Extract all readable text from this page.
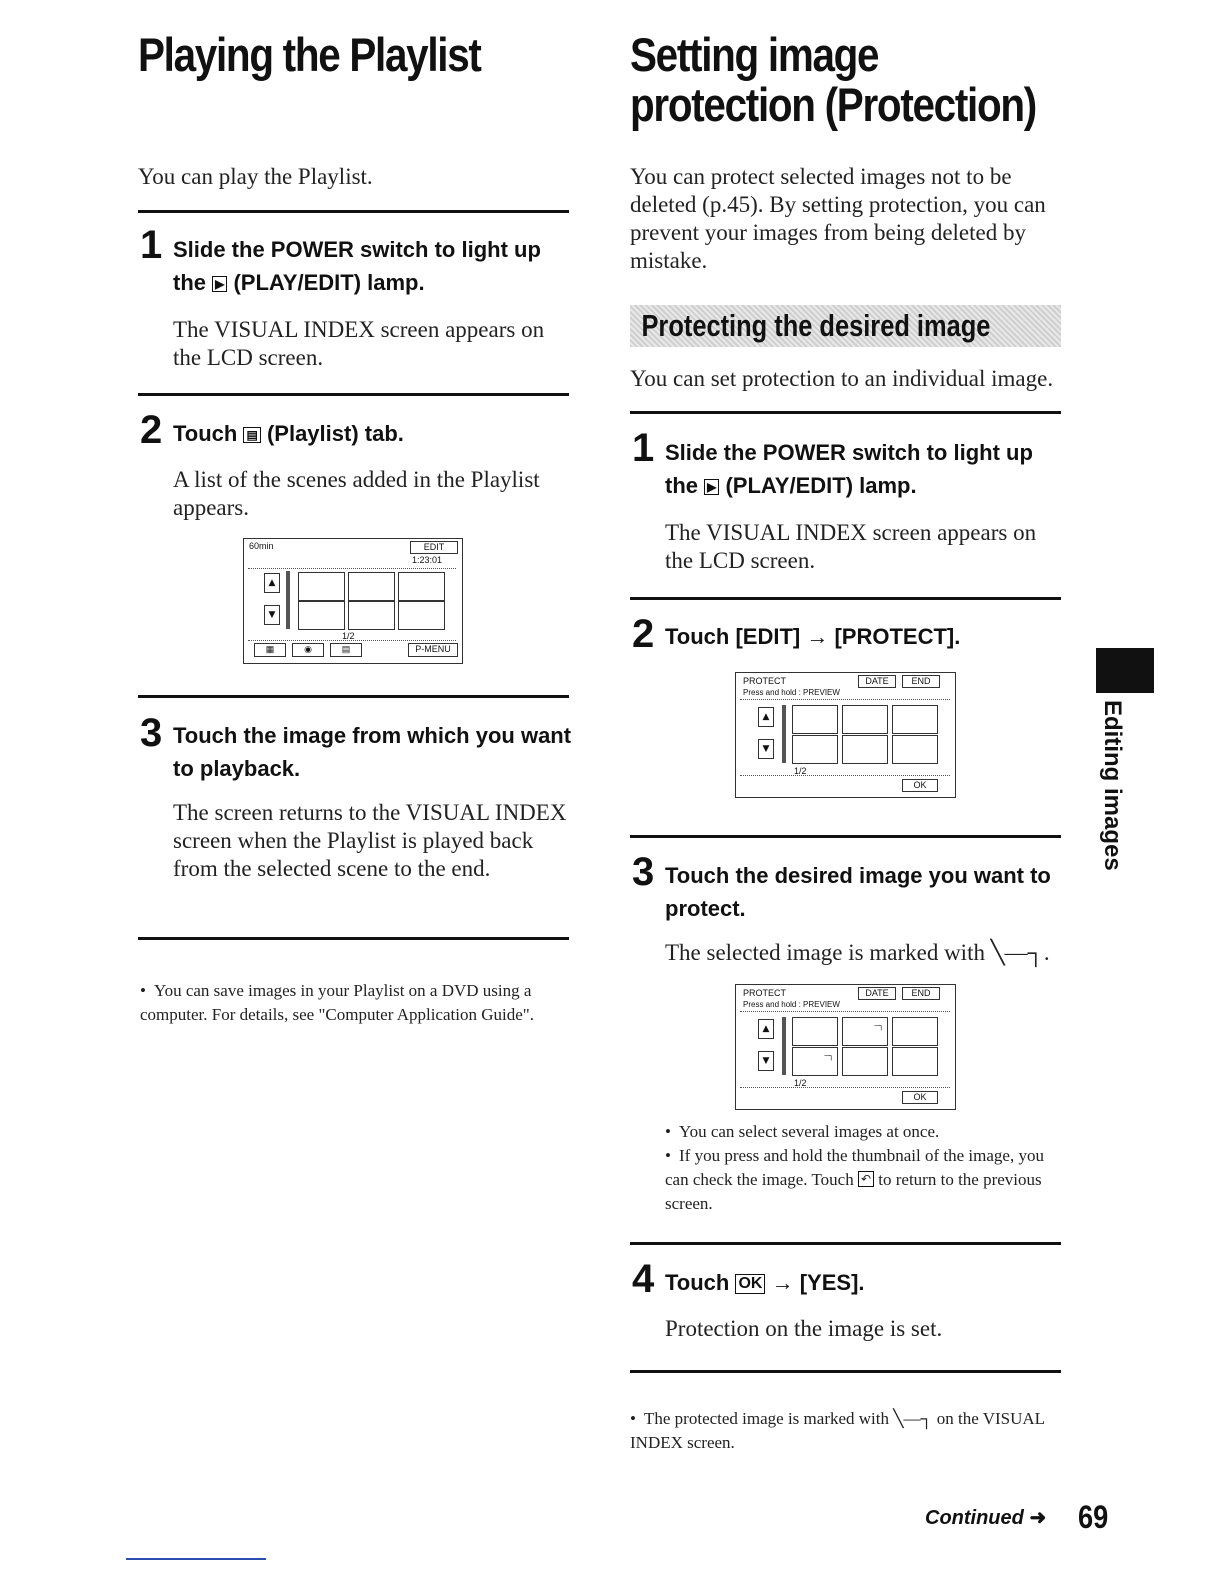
Playing the Playlist
You can play the Playlist.
1 Slide the POWER switch to light up the ▶ (PLAY/EDIT) lamp.
The VISUAL INDEX screen appears on the LCD screen.
2 Touch ▤ (Playlist) tab.
A list of the scenes added in the Playlist appears.
60min	EDIT
1:23:01
▲
▼
1/2
▦	◉	▤	P-MENU
3 Touch the image from which you want to playback.
The screen returns to the VISUAL INDEX screen when the Playlist is played back from the selected scene to the end.
• You can save images in your Playlist on a DVD using a computer. For details, see "Computer Application Guide".
Setting image
protection (Protection)
You can protect selected images not to be deleted (p.45). By setting protection, you can prevent your images from being deleted by mistake.
Protecting the desired image
You can set protection to an individual image.
1 Slide the POWER switch to light up the ▶ (PLAY/EDIT) lamp.
The VISUAL INDEX screen appears on the LCD screen.
2 Touch [EDIT] → [PROTECT].
PROTECT	DATE	END
Press and hold : PREVIEW
▲
▼
1/2
OK
3 Touch the desired image you want to protect.
The selected image is marked with ╲—┐.
PROTECT	DATE	END
Press and hold : PREVIEW
▲
▼
⎯┐
⎯┐
1/2
OK
• You can select several images at once.
• If you press and hold the thumbnail of the image, you can check the image. Touch ↶ to return to the previous screen.
4 Touch OK → [YES].
Protection on the image is set.
• The protected image is marked with ╲—┐ on the VISUAL INDEX screen.
Editing images
Continued ➜ 69
